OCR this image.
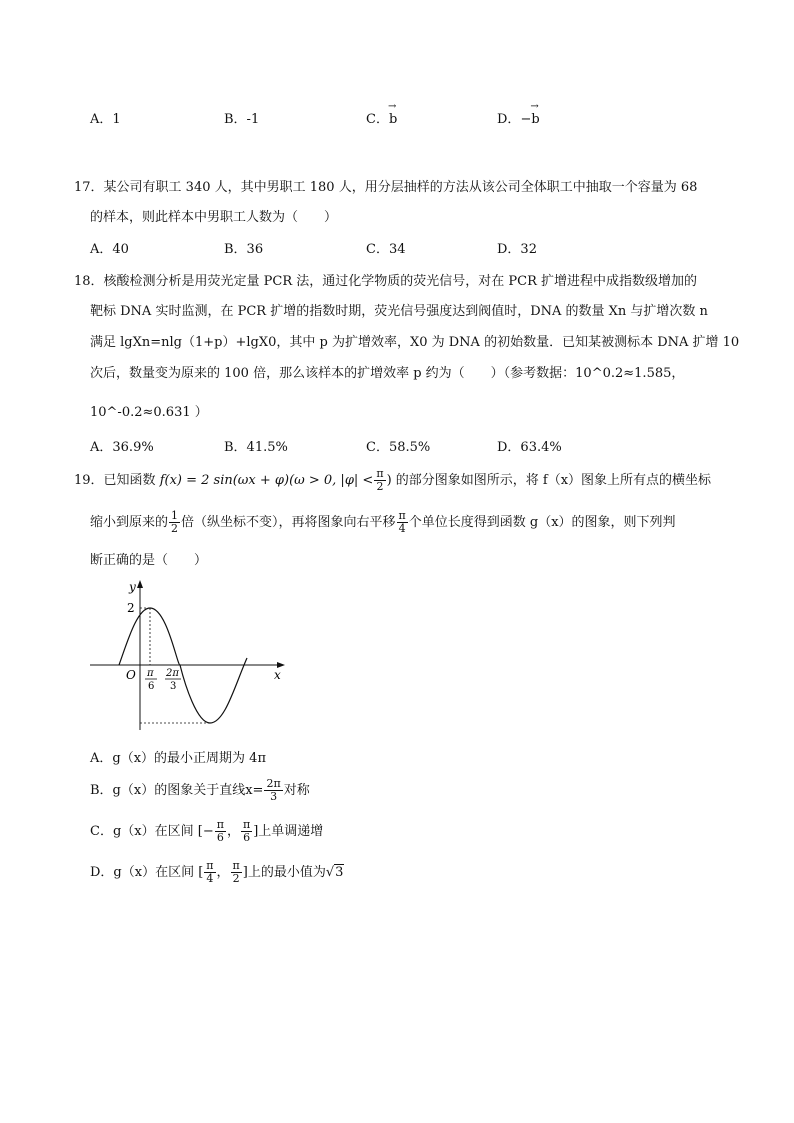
A．1	B．-1	C．
→
b	D．−
→
b
17．某公司有职工 340 人，其中男职工 180 人，用分层抽样的方法从该公司全体职工中抽取一个容量为 68
的样本，则此样本中男职工人数为（　　）
A．40	B．36	C．34	D．32
18．核酸检测分析是用荧光定量 PCR 法，通过化学物质的荧光信号，对在 PCR 扩增进程中成指数级增加的
靶标 DNA 实时监测，在 PCR 扩增的指数时期，荧光信号强度达到阀值时，DNA 的数量 Xn 与扩增次数 n
满足 lgXn=nlg（1+p）+lgX0，其中 p 为扩增效率，X0 为 DNA 的初始数量．已知某被测标本 DNA 扩增 10
次后，数量变为原来的 100 倍，那么该样本的扩增效率 p 约为（　　）（参考数据：10^0.2≈1.585，
10^-0.2≈0.631 ）
A．36.9%	B．41.5%	C．58.5%	D．63.4%
19．已知函数 f(x) = 2 sin(ωx + φ)(ω > 0, $|\varphi| < \frac{\pi}{2}$ ) 的部分图象如图所示，将 f（x）图象上所有点的横坐标
缩小到原来的 $\frac{1}{2}$ 倍（纵坐标不变），再将图象向右平移 $\frac{\pi}{4}$ 个单位长度得到函数 g（x）的图象，则下列判
断正确的是（　　）
y
2
O	x
π
6
2π
3
A．g（x）的最小正周期为 4π
B．g（x）的图象关于直线$x= \frac{2\pi}{3}$ 对称
C．g（x）在区间 [− $\frac{\pi}{6}$ ， $\frac{\pi}{6}$ ]上单调递增
D．g（x）在区间 [ $\frac{\pi}{4}$ ， $\frac{\pi}{2}$ ]上的最小值为√3
